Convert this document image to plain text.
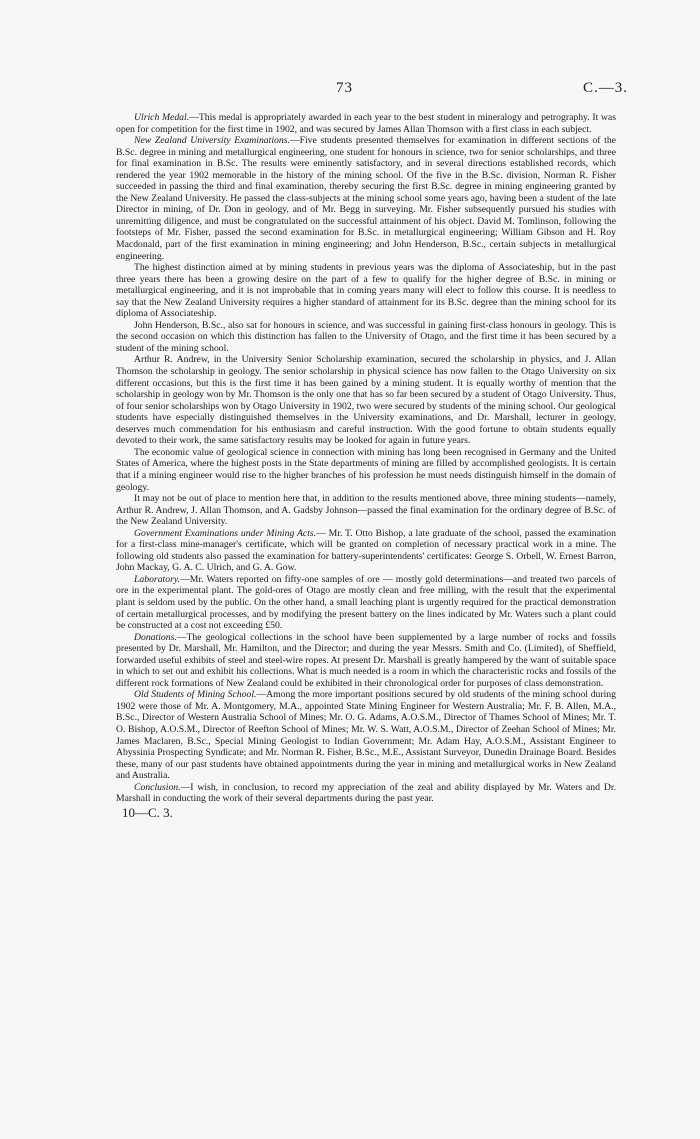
73	C.—3.

Ulrich Medal.—This medal is appropriately awarded in each year to the best student in mineralogy and petrography. It was open for competition for the first time in 1902, and was secured by James Allan Thomson with a first class in each subject.

New Zealand University Examinations.—Five students presented themselves for examination in different sections of the B.Sc. degree in mining and metallurgical engineering, one student for honours in science, two for senior scholarships, and three for final examination in B.Sc. The results were eminently satisfactory, and in several directions established records, which rendered the year 1902 memorable in the history of the mining school. Of the five in the B.Sc. division, Norman R. Fisher succeeded in passing the third and final examination, thereby securing the first B.Sc. degree in mining engineering granted by the New Zealand University. He passed the class-subjects at the mining school some years ago, having been a student of the late Director in mining, of Dr. Don in geology, and of Mr. Begg in surveying. Mr. Fisher subsequently pursued his studies with unremitting diligence, and must be congratulated on the successful attainment of his object. David M. Tomlinson, following the footsteps of Mr. Fisher, passed the second examination for B.Sc. in metallurgical engineering; William Gibson and H. Roy Macdonald, part of the first examination in mining engineering; and John Henderson, B.Sc., certain subjects in metallurgical engineering.

The highest distinction aimed at by mining students in previous years was the diploma of Associateship, but in the past three years there has been a growing desire on the part of a few to qualify for the higher degree of B.Sc. in mining or metallurgical engineering, and it is not improbable that in coming years many will elect to follow this course. It is needless to say that the New Zealand University requires a higher standard of attainment for its B.Sc. degree than the mining school for its diploma of Associateship.

John Henderson, B.Sc., also sat for honours in science, and was successful in gaining first-class honours in geology. This is the second occasion on which this distinction has fallen to the University of Otago, and the first time it has been secured by a student of the mining school.

Arthur R. Andrew, in the University Senior Scholarship examination, secured the scholarship in physics, and J. Allan Thomson the scholarship in geology. The senior scholarship in physical science has now fallen to the Otago University on six different occasions, but this is the first time it has been gained by a mining student. It is equally worthy of mention that the scholarship in geology won by Mr. Thomson is the only one that has so far been secured by a student of Otago University. Thus, of four senior scholarships won by Otago University in 1902, two were secured by students of the mining school. Our geological students have especially distinguished themselves in the University examinations, and Dr. Marshall, lecturer in geology, deserves much commendation for his enthusiasm and careful instruction. With the good fortune to obtain students equally devoted to their work, the same satisfactory results may be looked for again in future years.

The economic value of geological science in connection with mining has long been recognised in Germany and the United States of America, where the highest posts in the State departments of mining are filled by accomplished geologists. It is certain that if a mining engineer would rise to the higher branches of his profession he must needs distinguish himself in the domain of geology.

It may not be out of place to mention here that, in addition to the results mentioned above, three mining students—namely, Arthur R. Andrew, J. Allan Thomson, and A. Gadsby Johnson—passed the final examination for the ordinary degree of B.Sc. of the New Zealand University.

Government Examinations under Mining Acts.— Mr. T. Otto Bishop, a late graduate of the school, passed the examination for a first-class mine-manager's certificate, which will be granted on completion of necessary practical work in a mine. The following old students also passed the examination for battery-superintendents' certificates: George S. Orbell, W. Ernest Barron, John Mackay, G. A. C. Ulrich, and G. A. Gow.

Laboratory.—Mr. Waters reported on fifty-one samples of ore — mostly gold determinations—and treated two parcels of ore in the experimental plant. The gold-ores of Otago are mostly clean and free milling, with the result that the experimental plant is seldom used by the public. On the other hand, a small leaching plant is urgently required for the practical demonstration of certain metallurgical processes, and by modifying the present battery on the lines indicated by Mr. Waters such a plant could be constructed at a cost not exceeding £50.

Donations.—The geological collections in the school have been supplemented by a large number of rocks and fossils presented by Dr. Marshall, Mr. Hamilton, and the Director; and during the year Messrs. Smith and Co. (Limited), of Sheffield, forwarded useful exhibits of steel and steel-wire ropes. At present Dr. Marshall is greatly hampered by the want of suitable space in which to set out and exhibit his collections. What is much needed is a room in which the characteristic rocks and fossils of the different rock formations of New Zealand could be exhibited in their chronological order for purposes of class demonstration.

Old Students of Mining School.—Among the more important positions secured by old students of the mining school during 1902 were those of Mr. A. Montgomery, M.A., appointed State Mining Engineer for Western Australia; Mr. F. B. Allen, M.A., B.Sc., Director of Western Australia School of Mines; Mr. O. G. Adams, A.O.S.M., Director of Thames School of Mines; Mr. T. O. Bishop, A.O.S.M., Director of Reefton School of Mines; Mr. W. S. Watt, A.O.S.M., Director of Zeehan School of Mines; Mr. James Maclaren, B.Sc., Special Mining Geologist to Indian Government; Mr. Adam Hay, A.O.S.M., Assistant Engineer to Abyssinia Prospecting Syndicate; and Mr. Norman R. Fisher, B.Sc., M.E., Assistant Surveyor, Dunedin Drainage Board. Besides these, many of our past students have obtained appointments during the year in mining and metallurgical works in New Zealand and Australia.

Conclusion.—I wish, in conclusion, to record my appreciation of the zeal and ability displayed by Mr. Waters and Dr. Marshall in conducting the work of their several departments during the past year.

10—C. 3.
